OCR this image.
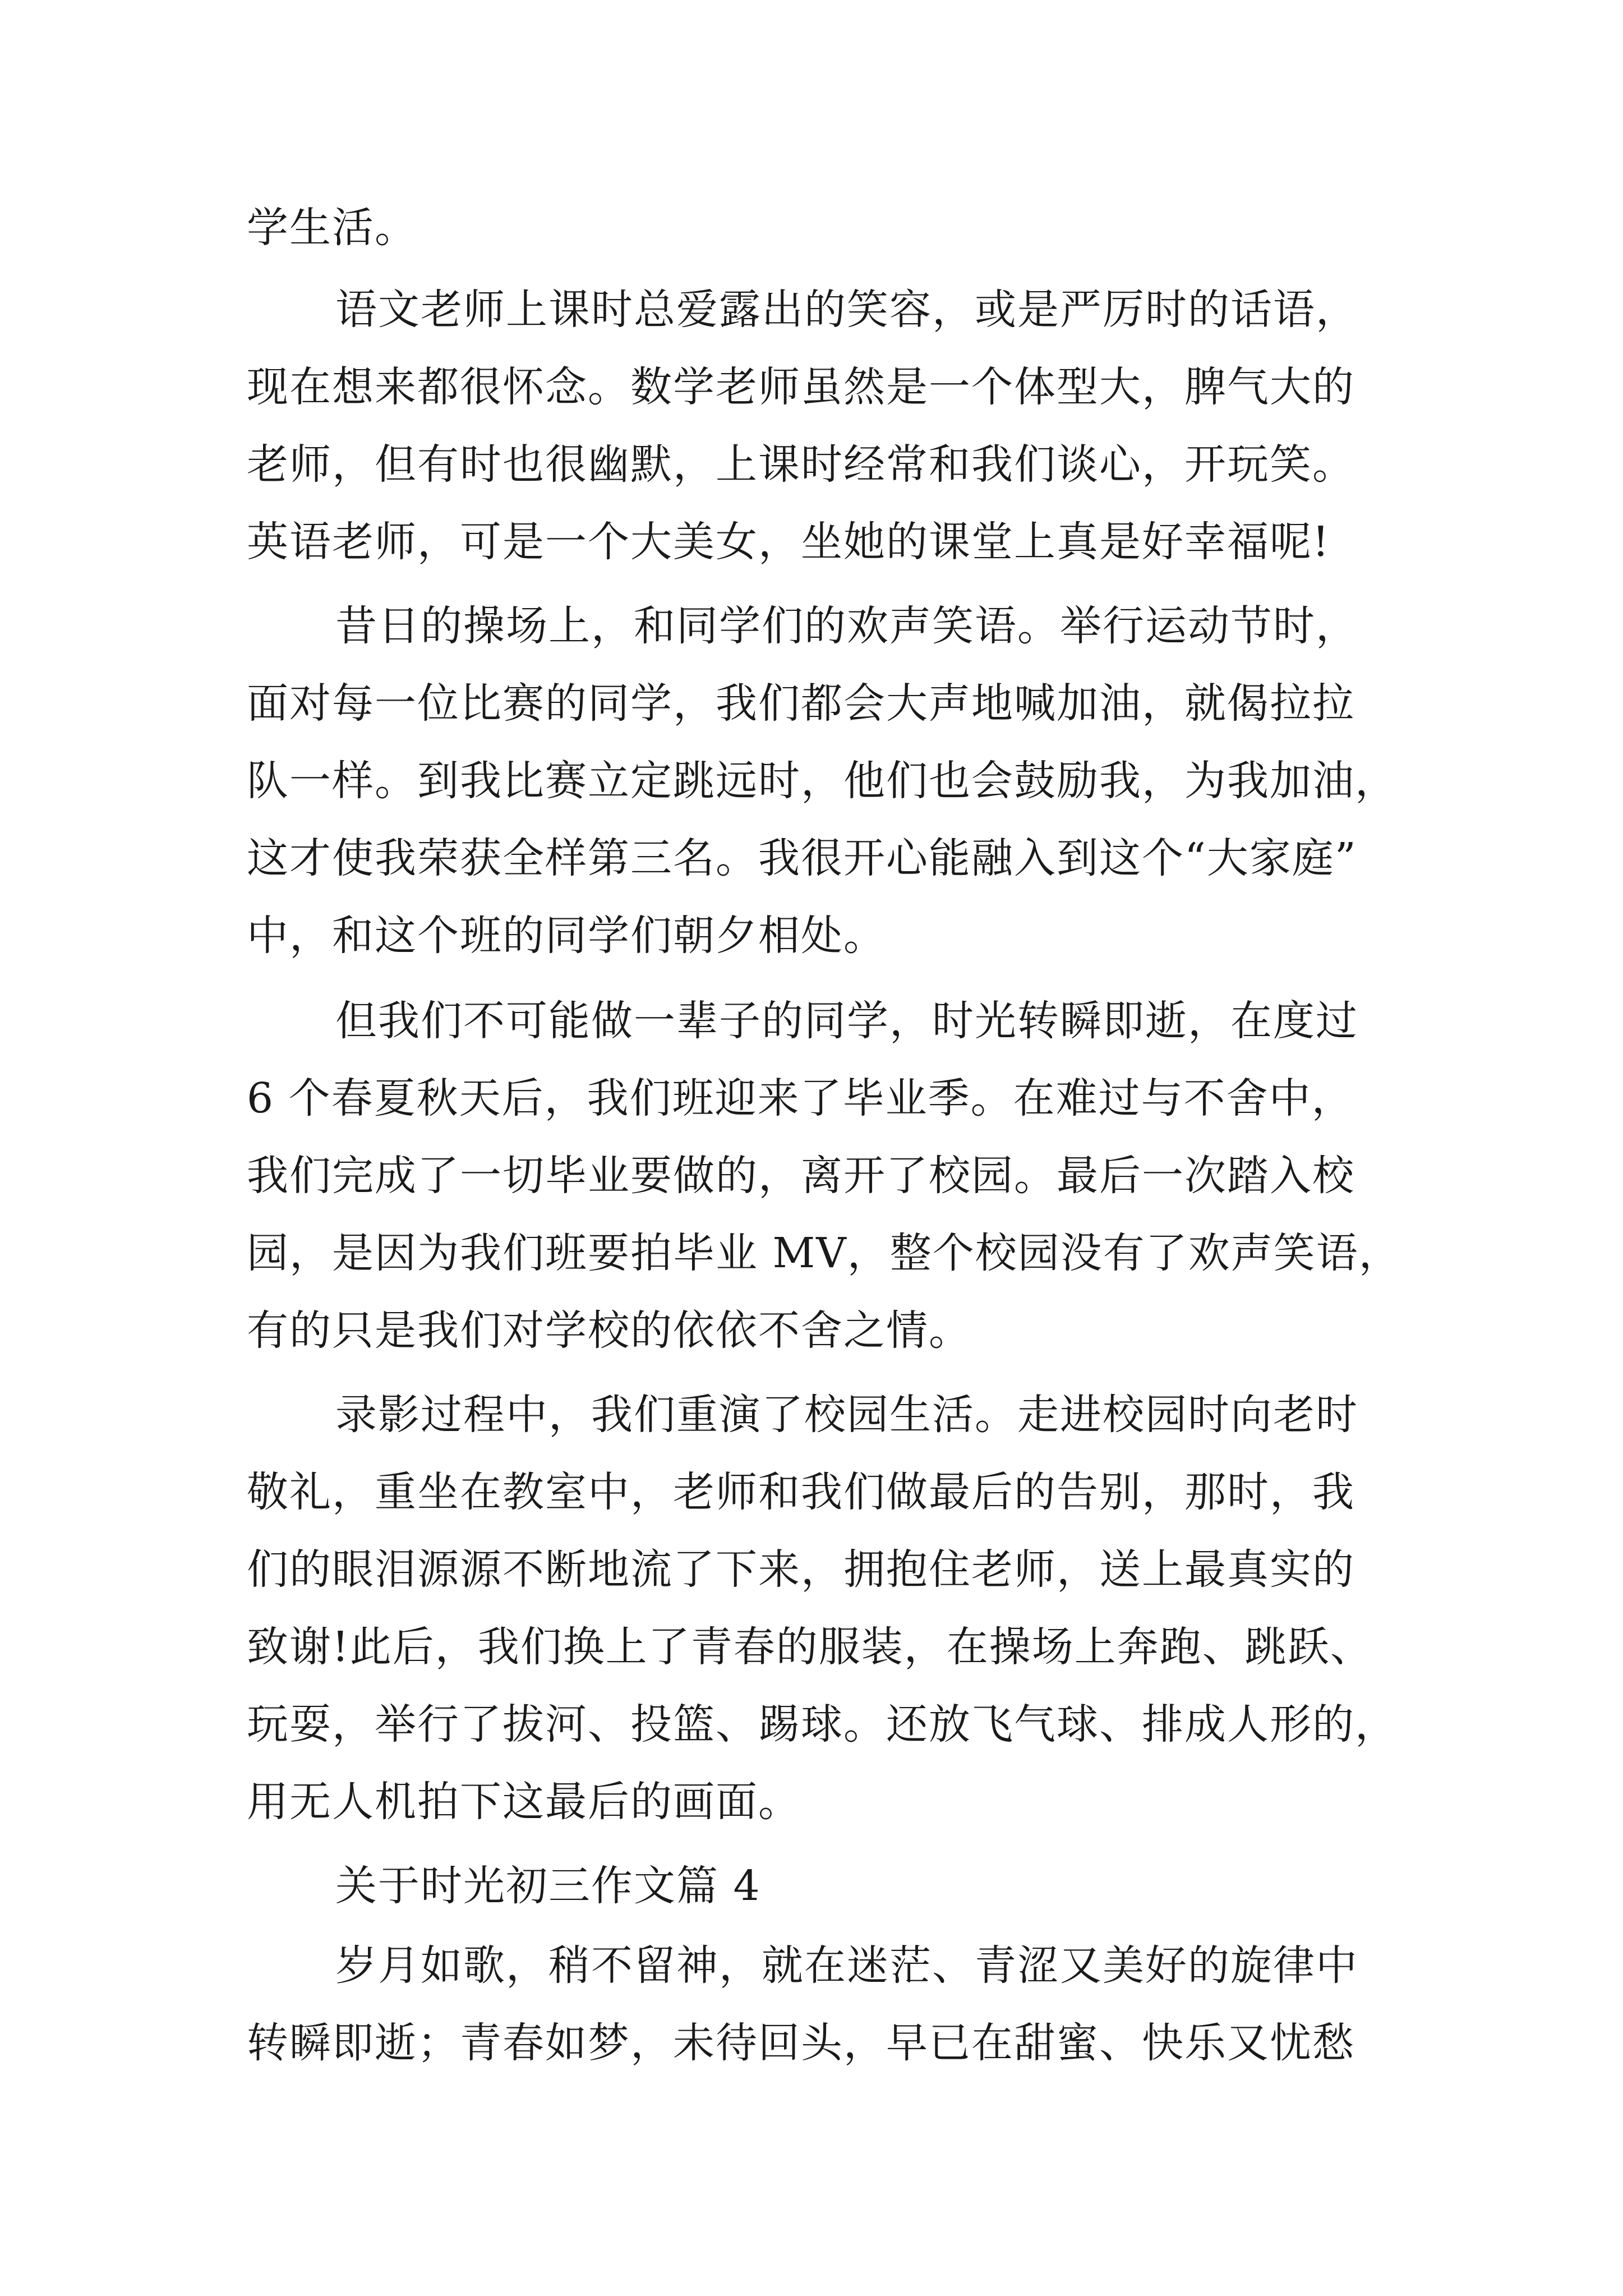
学生活。
语文老师上课时总爱露出的笑容，或是严厉时的话语，
现在想来都很怀念。数学老师虽然是一个体型大，脾气大的
老师，但有时也很幽默，上课时经常和我们谈心，开玩笑。
英语老师，可是一个大美女，坐她的课堂上真是好幸福呢!
昔日的操场上，和同学们的欢声笑语。举行运动节时，
面对每一位比赛的同学，我们都会大声地喊加油，就偈拉拉
队一样。到我比赛立定跳远时，他们也会鼓励我，为我加油，
这才使我荣获全样第三名。我很开心能融入到这个“大家庭”
中，和这个班的同学们朝夕相处。
但我们不可能做一辈子的同学，时光转瞬即逝，在度过
6 个春夏秋天后，我们班迎来了毕业季。在难过与不舍中，
我们完成了一切毕业要做的，离开了校园。最后一次踏入校
园，是因为我们班要拍毕业 MV，整个校园没有了欢声笑语，
有的只是我们对学校的依依不舍之情。
录影过程中，我们重演了校园生活。走进校园时向老时
敬礼，重坐在教室中，老师和我们做最后的告别，那时，我
们的眼泪源源不断地流了下来，拥抱住老师，送上最真实的
致谢!此后，我们换上了青春的服装，在操场上奔跑、跳跃、
玩耍，举行了拔河、投篮、踢球。还放飞气球、排成人形的，
用无人机拍下这最后的画面。
关于时光初三作文篇 4
岁月如歌，稍不留神，就在迷茫、青涩又美好的旋律中
转瞬即逝；青春如梦，未待回头，早已在甜蜜、快乐又忧愁
